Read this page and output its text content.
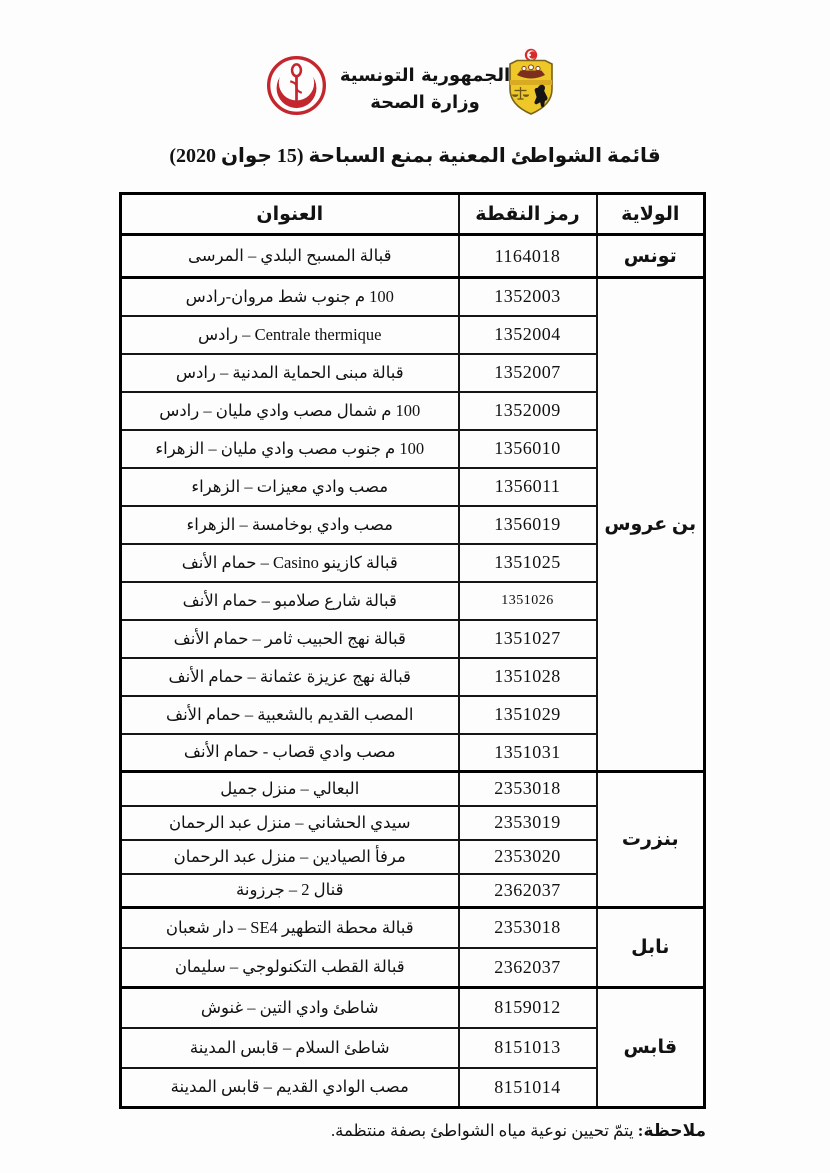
الجمهورية التونسية
وزارة الصحة
قائمة الشواطئ المعنية بمنع السباحة (15 جوان 2020)
الولاية	رمز النقطة	العنوان
تونس	1164018	قبالة المسبح البلدي – المرسى
بن عروس	1352003	100 م جنوب شط مروان-رادس
	1352004	Centrale thermique – رادس
	1352007	قبالة مبنى الحماية المدنية – رادس
	1352009	100 م شمال مصب وادي مليان – رادس
	1356010	100 م جنوب مصب وادي مليان – الزهراء
	1356011	مصب وادي معيزات – الزهراء
	1356019	مصب وادي بوخامسة – الزهراء
	1351025	قبالة كازينو Casino – حمام الأنف
	1351026	قبالة شارع صلامبو – حمام الأنف
	1351027	قبالة نهج الحبيب ثامر – حمام الأنف
	1351028	قبالة نهج عزيزة عثمانة – حمام الأنف
	1351029	المصب القديم بالشعبية – حمام الأنف
	1351031	مصب وادي قصاب - حمام الأنف
بنزرت	2353018	البعالي – منزل جميل
	2353019	سيدي الحشاني – منزل عبد الرحمان
	2353020	مرفأ الصيادين – منزل عبد الرحمان
	2362037	قنال 2 – جرزونة
نابل	2353018	قبالة محطة التطهير SE4 – دار شعبان
	2362037	قبالة القطب التكنولوجي – سليمان
قابس	8159012	شاطئ وادي التين – غنوش
	8151013	شاطئ السلام – قابس المدينة
	8151014	مصب الوادي القديم – قابس المدينة
ملاحظة: يتمّ تحيين نوعية مياه الشواطئ بصفة منتظمة.
